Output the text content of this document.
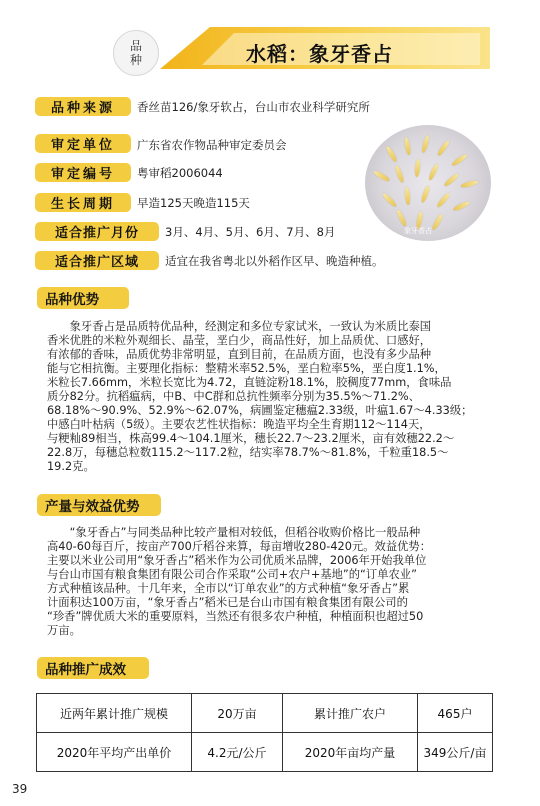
品
种	水稻：象牙香占
品种来源	香丝苗126/象牙软占，台山市农业科学研究所
审定单位	广东省农作物品种审定委员会
审定编号	粤审稻2006044
生长周期	早造125天晚造115天
适合推广月份	3月、4月、5月、6月、7月、8月
适合推广区域	适宜在我省粤北以外稻作区早、晚造种植。
象牙香占
品种优势
　　象牙香占是品质特优品种，经测定和多位专家试米，一致认为米质比泰国
香米优胜的米粒外观细长、晶莹，垩白少，商品性好，加上品质优、口感好，
有浓郁的香味，品质优势非常明显，直到目前，在品质方面，也没有多少品种
能与它相抗衡。主要理化指标：整精米率52.5%，垩白粒率5%，垩白度1.1%，
米粒长7.66mm，米粒长宽比为4.72，直链淀粉18.1%，胶稠度77mm，食味品
质分82分。抗稻瘟病，中B、中C群和总抗性频率分别为35.5%～71.2%、
68.18%～90.9%、52.9%～62.07%，病圃鉴定穗瘟2.33级，叶瘟1.67～4.33级；
中感白叶枯病（5级）。主要农艺性状指标：晚造平均全生育期112～114天，
与粳籼89相当，株高99.4～104.1厘米，穗长22.7～23.2厘米，亩有效穗22.2～
22.8万，每穗总粒数115.2～117.2粒，结实率78.7%～81.8%，千粒重18.5～
19.2克。
产量与效益优势
　　“象牙香占”与同类品种比较产量相对较低，但稻谷收购价格比一般品种
高40-60每百斤，按亩产700斤稻谷来算，每亩增收280-420元。效益优势：
主要以米业公司用“象牙香占”稻米作为公司优质米品牌，2006年开始我单位
与台山市国有粮食集团有限公司合作采取“公司+农户+基地”的“订单农业”
方式种植该品种。十几年来，全市以“订单农业”的方式种植“象牙香占”累
计面积达100万亩，“象牙香占”稻米已是台山市国有粮食集团有限公司的
“珍香”牌优质大米的重要原料，当然还有很多农户种植，种植面积也超过50
万亩。
品种推广成效
近两年累计推广规模	20万亩	累计推广农户	465户
2020年平均产出单价	4.2元/公斤	2020年亩均产量	349公斤/亩
39
